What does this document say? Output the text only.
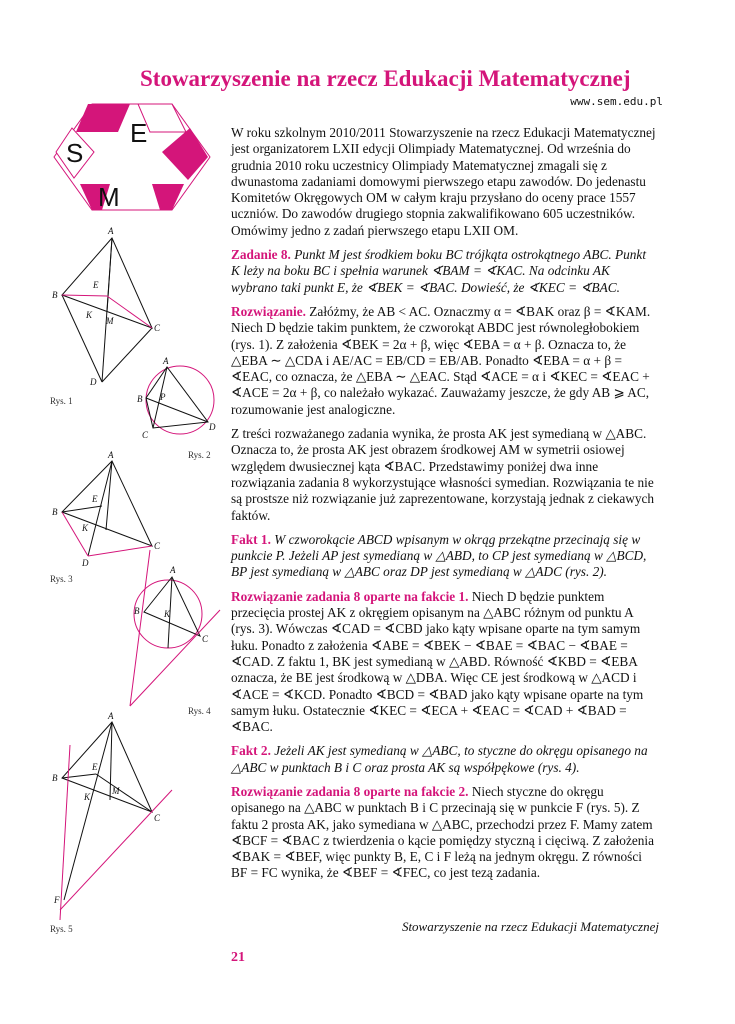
Stowarzyszenie na rzecz Edukacji Matematycznej
www.sem.edu.pl
S
E
M
A
B
C
D
E
K
M
Rys. 1
A
B
C
D
P
Rys. 2
A
B
C
D
E
K
Rys. 3
A
B
C
K
Rys. 4
A
B
C
E
K
M
F
Rys. 5

W roku szkolnym 2010/2011 Stowarzyszenie na rzecz Edukacji Matematycznej jest organizatorem LXII edycji Olimpiady Matematycznej. Od września do grudnia 2010 roku uczestnicy Olimpiady Matematycznej zmagali się z dwunastoma zadaniami domowymi pierwszego etapu zawodów. Do jedenastu Komitetów Okręgowych OM w całym kraju przysłano do oceny prace 1557 uczniów. Do zawodów drugiego stopnia zakwalifikowano 605 uczestników. Omówimy jedno z zadań pierwszego etapu LXII OM.

Zadanie 8. Punkt M jest środkiem boku BC trójkąta ostrokątnego ABC. Punkt K leży na boku BC i spełnia warunek ∢BAM = ∢KAC. Na odcinku AK wybrano taki punkt E, że ∢BEK = ∢BAC. Dowieść, że ∢KEC = ∢BAC.

Rozwiązanie. Załóżmy, że AB < AC. Oznaczmy α = ∢BAK oraz β = ∢KAM. Niech D będzie takim punktem, że czworokąt ABDC jest równoległobokiem (rys. 1). Z założenia ∢BEK = 2α + β, więc ∢EBA = α + β. Oznacza to, że △EBA ∼ △CDA i AE/AC = EB/CD = EB/AB. Ponadto ∢EBA = α + β = ∢EAC, co oznacza, że △EBA ∼ △EAC. Stąd ∢ACE = α i ∢KEC = ∢EAC + ∢ACE = 2α + β, co należało wykazać. Zauważamy jeszcze, że gdy AB ⩾ AC, rozumowanie jest analogiczne.

Z treści rozważanego zadania wynika, że prosta AK jest symedianą w △ABC. Oznacza to, że prosta AK jest obrazem środkowej AM w symetrii osiowej względem dwusiecznej kąta ∢BAC. Przedstawimy poniżej dwa inne rozwiązania zadania 8 wykorzystujące własności symedian. Rozwiązania te nie są prostsze niż rozwiązanie już zaprezentowane, korzystają jednak z ciekawych faktów.

Fakt 1. W czworokącie ABCD wpisanym w okrąg przekątne przecinają się w punkcie P. Jeżeli AP jest symedianą w △ABD, to CP jest symedianą w △BCD, BP jest symedianą w △ABC oraz DP jest symedianą w △ADC (rys. 2).

Rozwiązanie zadania 8 oparte na fakcie 1. Niech D będzie punktem przecięcia prostej AK z okręgiem opisanym na △ABC różnym od punktu A (rys. 3). Wówczas ∢CAD = ∢CBD jako kąty wpisane oparte na tym samym łuku. Ponadto z założenia ∢ABE = ∢BEK − ∢BAE = ∢BAC − ∢BAE = ∢CAD. Z faktu 1, BK jest symedianą w △ABD. Równość ∢KBD = ∢EBA oznacza, że BE jest środkową w △DBA. Więc CE jest środkową w △ACD i ∢ACE = ∢KCD. Ponadto ∢BCD = ∢BAD jako kąty wpisane oparte na tym samym łuku. Ostatecznie ∢KEC = ∢ECA + ∢EAC = ∢CAD + ∢BAD = ∢BAC.

Fakt 2. Jeżeli AK jest symedianą w △ABC, to styczne do okręgu opisanego na △ABC w punktach B i C oraz prosta AK są współpękowe (rys. 4).

Rozwiązanie zadania 8 oparte na fakcie 2. Niech styczne do okręgu opisanego na △ABC w punktach B i C przecinają się w punkcie F (rys. 5). Z faktu 2 prosta AK, jako symediana w △ABC, przechodzi przez F. Mamy zatem ∢BCF = ∢BAC z twierdzenia o kącie pomiędzy styczną i cięciwą. Z założenia ∢BAK = ∢BEF, więc punkty B, E, C i F leżą na jednym okręgu. Z równości BF = FC wynika, że ∢BEF = ∢FEC, co jest tezą zadania.

Stowarzyszenie na rzecz Edukacji Matematycznej
21
